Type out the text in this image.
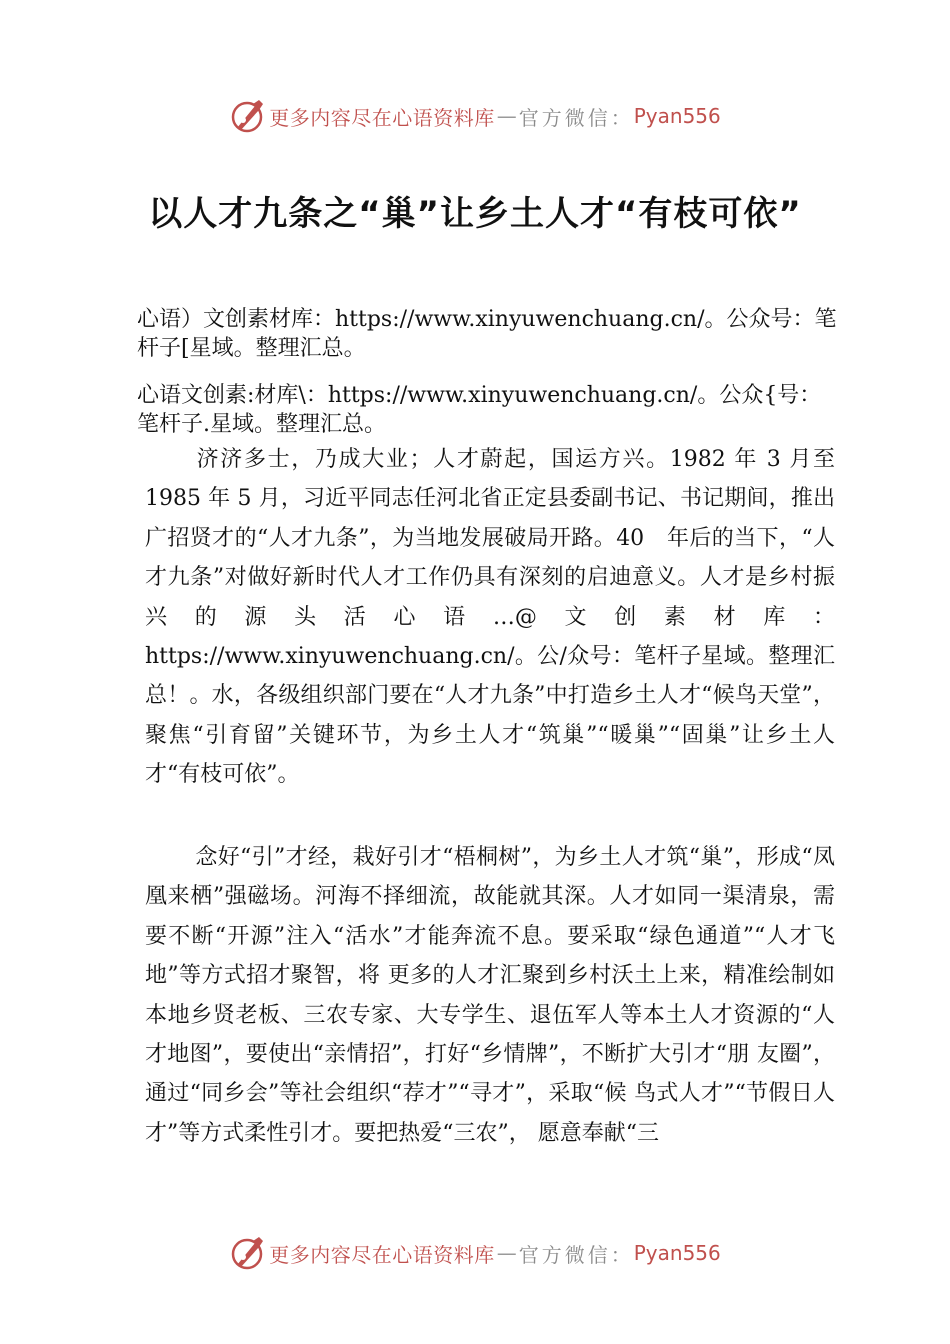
更多内容尽在心语资料库 — 官方微信： Pyan556
以人才九条之“巢”让乡土人才“有枝可依”
心语）文创素材库：https://www.xinyuwenchuang.cn/。公众号：笔杆子[星域。整理汇总。
心语文创素:材库\：https://www.xinyuwenchuang.cn/。公众{号：笔杆子.星域。整理汇总。
济济多士，乃成大业；人才蔚起，国运方兴。1982 年 3 月至 1985 年 5 月，习近平同志任河北省正定县委副书记、书记期间，推出广招贤才的“人才九条”，为当地发展破局开路。40　年后的当下，“人才九条”对做好新时代人才工作仍具有深刻的启迪意义。人才是乡村振兴的源头活心语…@文创素材库：https://www.xinyuwenchuang.cn/。公/众号：笔杆子星域。整理汇总！。水，各级组织部门要在“人才九条”中打造乡土人才“候鸟天堂”，聚焦“引育留”关键环节，为乡土人才“筑巢”“暖巢”“固巢”让乡土人才“有枝可依”。
念好“引”才经，栽好引才“梧桐树”，为乡土人才筑“巢”，形成“凤凰来栖”强磁场。河海不择细流，故能就其深。人才如同一渠清泉，需要不断“开源”注入“活水”才能奔流不息。要采取“绿色通道”“人才飞地”等方式招才聚智，将 更多的人才汇聚到乡村沃土上来，精准绘制如本地乡贤老板、三农专家、大专学生、退伍军人等本土人才资源的“人才地图”，要使出“亲情招”，打好“乡情牌”，不断扩大引才“朋 友圈”，通过“同乡会”等社会组织“荐才”“寻才”，采取“候 鸟式人才”“节假日人才”等方式柔性引才。要把热爱“三农”， 愿意奉献“三
更多内容尽在心语资料库 — 官方微信： Pyan556
